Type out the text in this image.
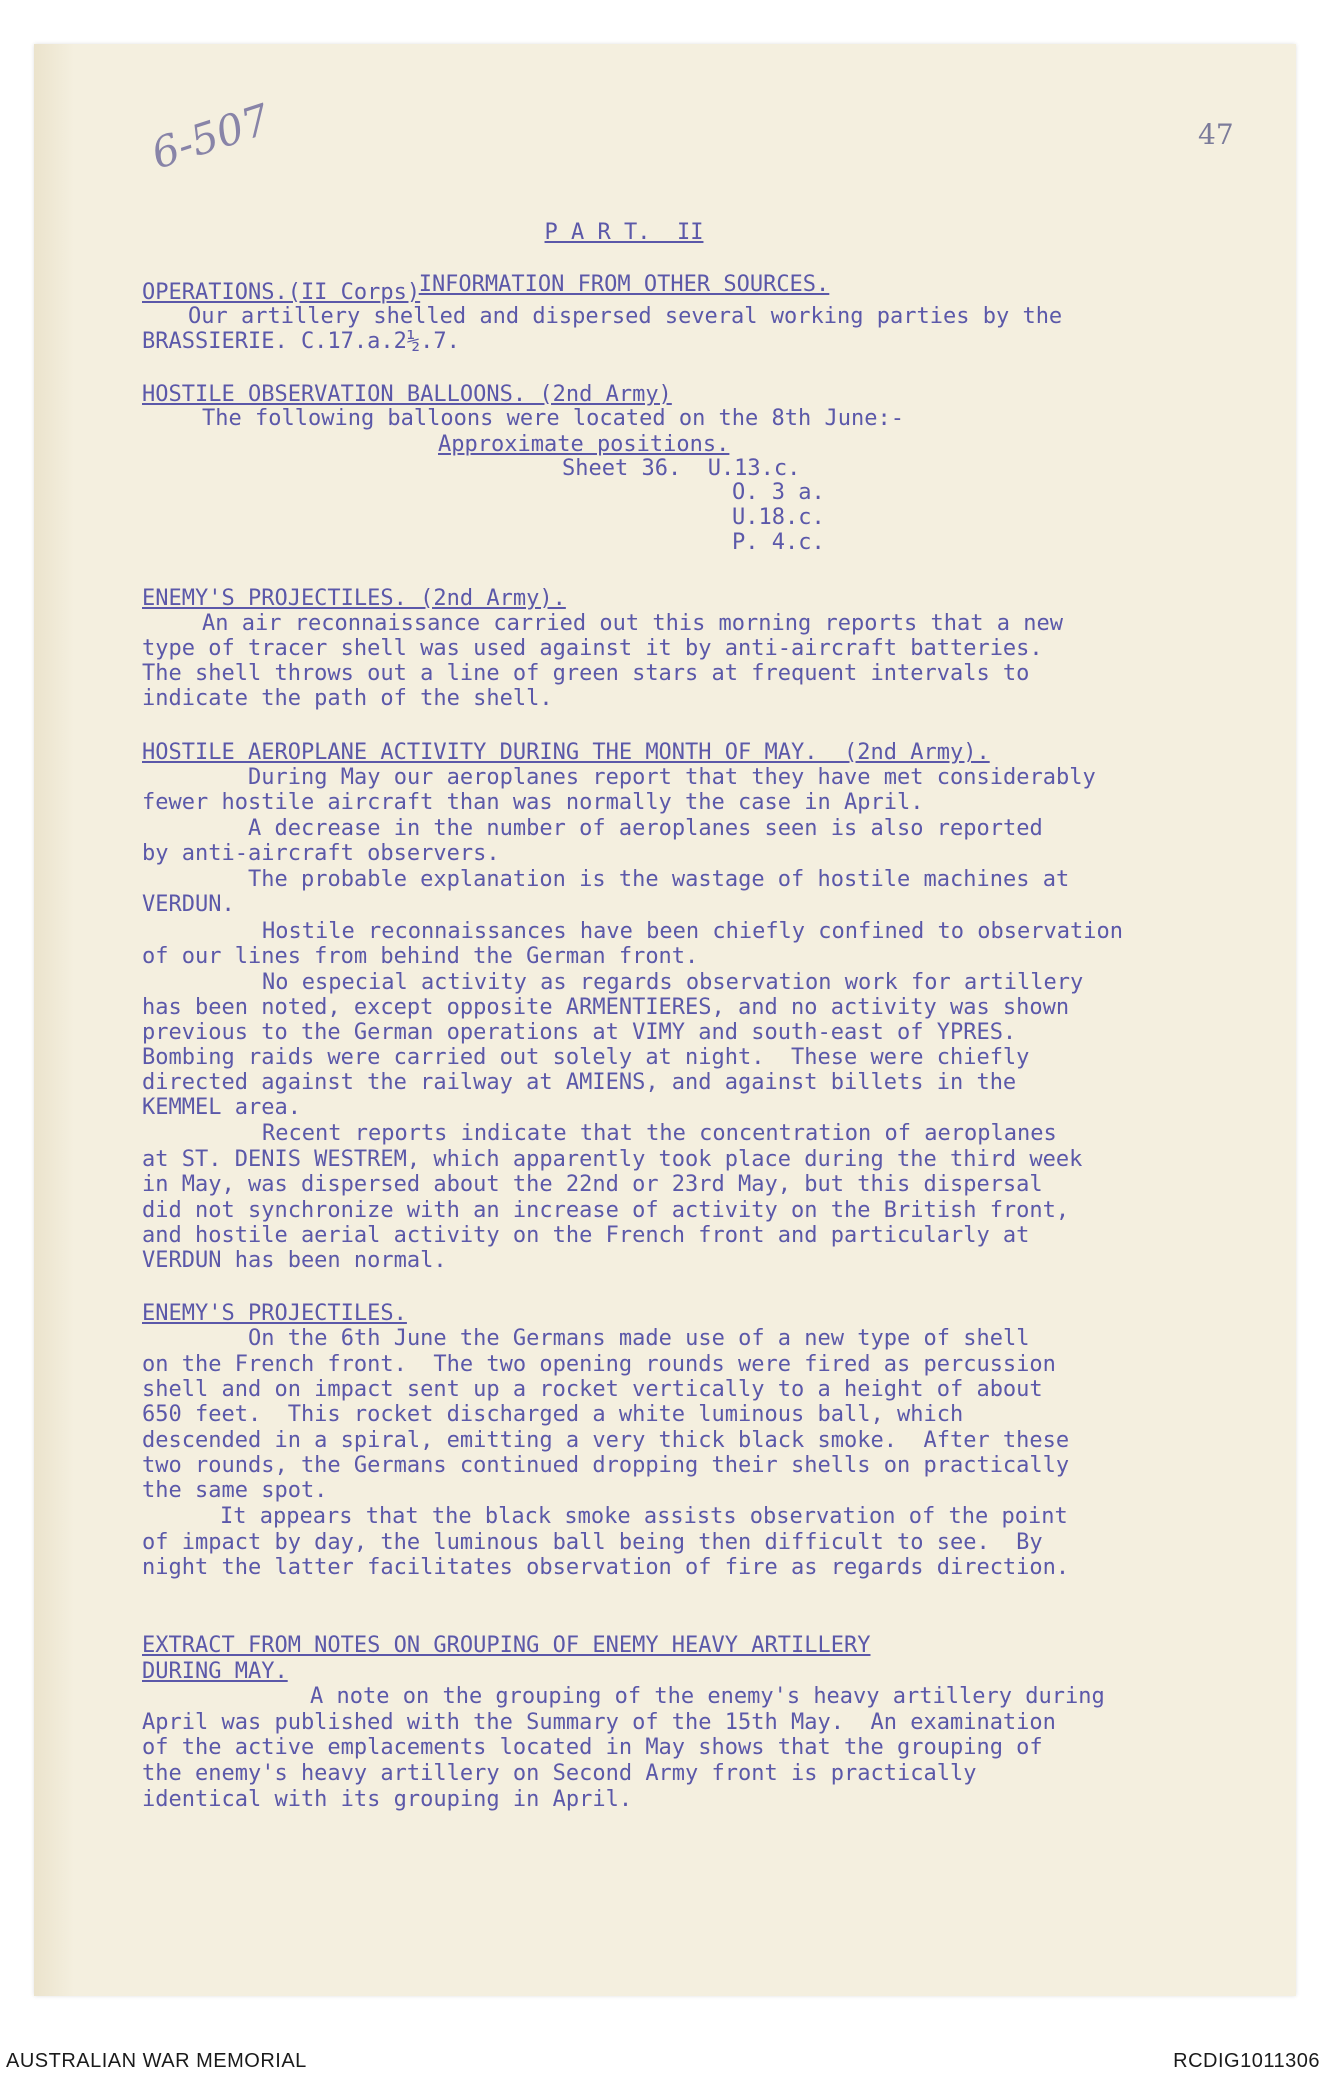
6-507	47
P A R T.  II
INFORMATION FROM OTHER SOURCES.
OPERATIONS.(II Corps)
Our artillery shelled and dispersed several working parties by the
BRASSIERIE. C.17.a.2½.7.
HOSTILE OBSERVATION BALLOONS. (2nd Army)
The following balloons were located on the 8th June:-
Approximate positions.
Sheet 36.  U.13.c.
O. 3 a.
U.18.c.
P. 4.c.
ENEMY'S PROJECTILES. (2nd Army).
An air reconnaissance carried out this morning reports that a new
type of tracer shell was used against it by anti-aircraft batteries.
The shell throws out a line of green stars at frequent intervals to
indicate the path of the shell.
HOSTILE AEROPLANE ACTIVITY DURING THE MONTH OF MAY.  (2nd Army).
During May our aeroplanes report that they have met considerably
fewer hostile aircraft than was normally the case in April.
A decrease in the number of aeroplanes seen is also reported
by anti-aircraft observers.
The probable explanation is the wastage of hostile machines at
VERDUN.
Hostile reconnaissances have been chiefly confined to observation
of our lines from behind the German front.
No especial activity as regards observation work for artillery
has been noted, except opposite ARMENTIERES, and no activity was shown
previous to the German operations at VIMY and south-east of YPRES.
Bombing raids were carried out solely at night.  These were chiefly
directed against the railway at AMIENS, and against billets in the
KEMMEL area.
Recent reports indicate that the concentration of aeroplanes
at ST. DENIS WESTREM, which apparently took place during the third week
in May, was dispersed about the 22nd or 23rd May, but this dispersal
did not synchronize with an increase of activity on the British front,
and hostile aerial activity on the French front and particularly at
VERDUN has been normal.
ENEMY'S PROJECTILES.
On the 6th June the Germans made use of a new type of shell
on the French front.  The two opening rounds were fired as percussion
shell and on impact sent up a rocket vertically to a height of about
650 feet.  This rocket discharged a white luminous ball, which
descended in a spiral, emitting a very thick black smoke.  After these
two rounds, the Germans continued dropping their shells on practically
the same spot.
It appears that the black smoke assists observation of the point
of impact by day, the luminous ball being then difficult to see.  By
night the latter facilitates observation of fire as regards direction.
EXTRACT FROM NOTES ON GROUPING OF ENEMY HEAVY ARTILLERY
DURING MAY.
A note on the grouping of the enemy's heavy artillery during
April was published with the Summary of the 15th May.  An examination
of the active emplacements located in May shows that the grouping of
the enemy's heavy artillery on Second Army front is practically
identical with its grouping in April.
AUSTRALIAN WAR MEMORIAL	RCDIG1011306
